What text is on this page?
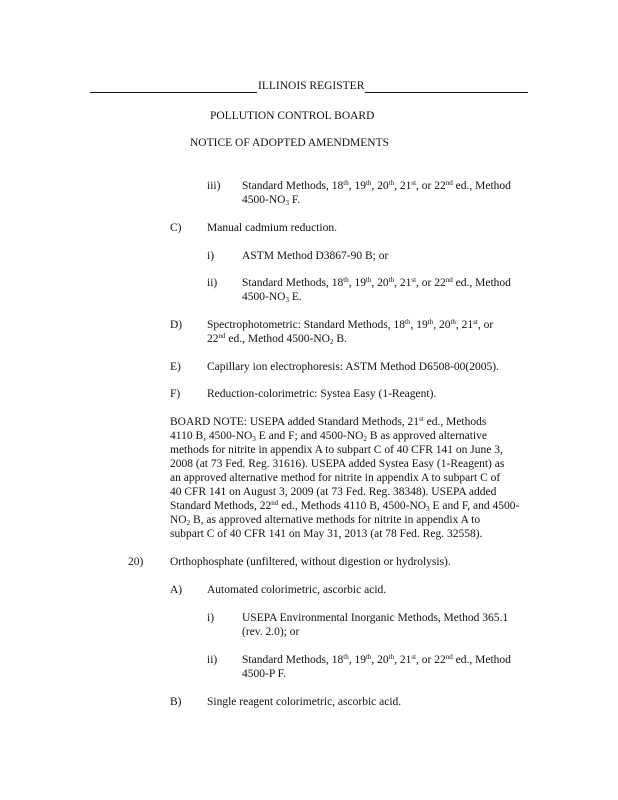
ILLINOIS REGISTER
POLLUTION CONTROL BOARD
NOTICE OF ADOPTED AMENDMENTS
iii) Standard Methods, 18th, 19th, 20th, 21st, or 22nd ed., Method
$4500-NO_3$ F.
C) Manual cadmium reduction.
i) ASTM Method D3867-90 B; or
ii) Standard Methods, 18th, 19th, 20th, 21st, or 22nd ed., Method
$4500-NO_3$ E.
D) Spectrophotometric: Standard Methods, 18th, 19th, 20th, 21st, or
22nd ed., Method $4500-NO_2$ B.
E) Capillary ion electrophoresis: ASTM Method D6508-00(2005).
F) Reduction-colorimetric: Systea Easy (1-Reagent).
BOARD NOTE: USEPA added Standard Methods, 21st ed., Methods
4110 B, $4500-NO_3$ E and F; and $4500-NO_2$ B as approved alternative
methods for nitrite in appendix A to subpart C of 40 CFR 141 on June 3,
2008 (at 73 Fed. Reg. 31616). USEPA added Systea Easy (1-Reagent) as
an approved alternative method for nitrite in appendix A to subpart C of
40 CFR 141 on August 3, 2009 (at 73 Fed. Reg. 38348). USEPA added
Standard Methods, 22nd ed., Methods 4110 B, $4500-NO_3$ E and F, and 4500-
$NO_2$ B, as approved alternative methods for nitrite in appendix A to
subpart C of 40 CFR 141 on May 31, 2013 (at 78 Fed. Reg. 32558).
20) Orthophosphate (unfiltered, without digestion or hydrolysis).
A) Automated colorimetric, ascorbic acid.
i) USEPA Environmental Inorganic Methods, Method 365.1
(rev. 2.0); or
ii) Standard Methods, 18th, 19th, 20th, 21st, or 22nd ed., Method
4500-P F.
B) Single reagent colorimetric, ascorbic acid.
